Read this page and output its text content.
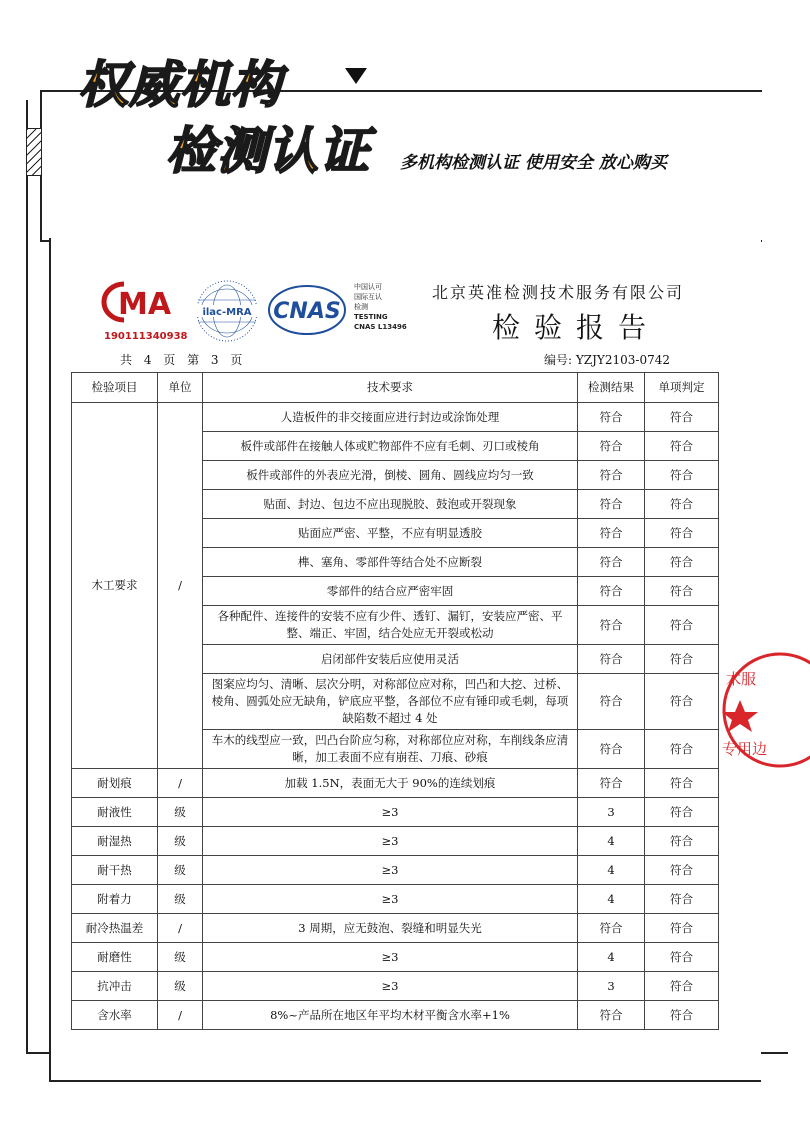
权威机构
检测认证 多机构检测认证 使用安全 放心购买
MA
190111340938
ilac-MRA CNAS
中国认可
国际互认
检测
TESTING
CNAS L13496
北京英准检测技术服务有限公司
检验报告
共 4 页 第 3 页	编号: YZJY2103-0742
检验项目	单位	技术要求	检测结果	单项判定
木工要求	/	人造板件的非交接面应进行封边或涂饰处理	符合	符合
		板件或部件在接触人体或贮物部件不应有毛刺、刃口或棱角	符合	符合
		板件或部件的外表应光滑，倒棱、圆角、圆线应均匀一致	符合	符合
		贴面、封边、包边不应出现脱胶、鼓泡或开裂现象	符合	符合
		贴面应严密、平整，不应有明显透胶	符合	符合
		榫、塞角、零部件等结合处不应断裂	符合	符合
		零部件的结合应严密牢固	符合	符合
		各种配件、连接件的安装不应有少件、透钉、漏钉，安装应严密、平整、端正、牢固，结合处应无开裂或松动	符合	符合
		启闭部件安装后应使用灵活	符合	符合
		图案应均匀、清晰、层次分明，对称部位应对称，凹凸和大挖、过桥、棱角、圆弧处应无缺角，铲底应平整，各部位不应有锤印或毛刺，每项缺陷数不超过 4 处	符合	符合
		车木的线型应一致，凹凸台阶应匀称，对称部位应对称，车削线条应清晰，加工表面不应有崩茬、刀痕、砂痕	符合	符合
耐划痕	/	加载 1.5N，表面无大于 90%的连续划痕	符合	符合
耐液性	级	≥3	3	符合
耐湿热	级	≥3	4	符合
耐干热	级	≥3	4	符合
附着力	级	≥3	4	符合
耐冷热温差	/	3 周期，应无鼓泡、裂缝和明显失光	符合	符合
耐磨性	级	≥3	4	符合
抗冲击	级	≥3	3	符合
含水率	/	8%~产品所在地区年平均木材平衡含水率+1%	符合	符合
术服
专用边
